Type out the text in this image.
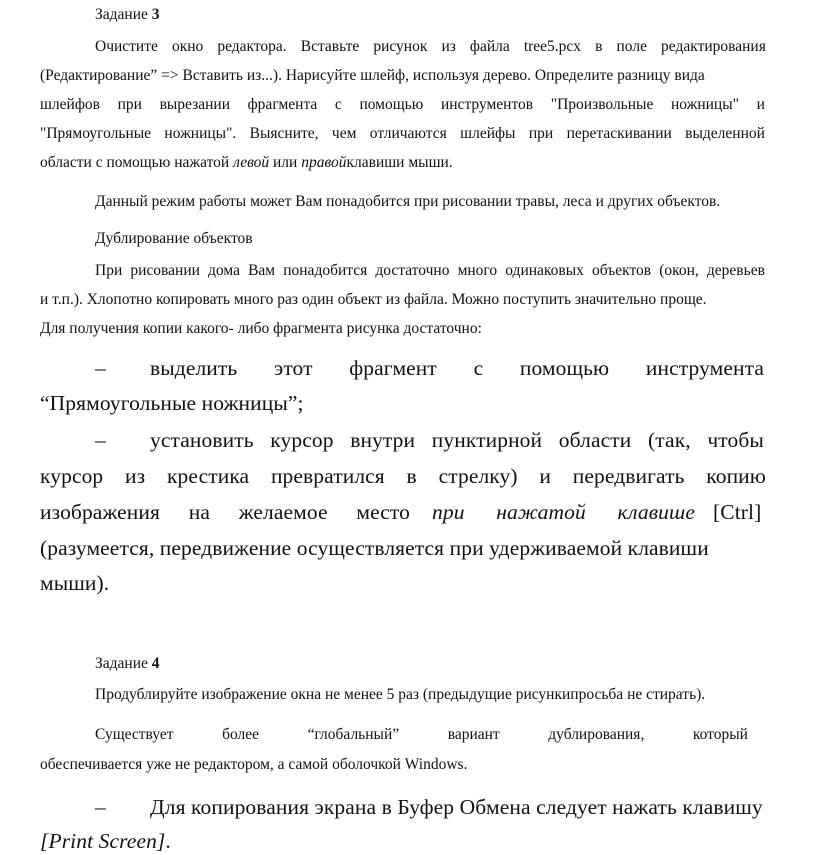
Задание 3

Очистите окно редактора. Вставьте рисунок из файла tree5.pcx в поле редактирования

(Редактирование” => Вставить из...). Нарисуйте шлейф, используя дерево. Определите разницу вида

шлейфов при вырезании фрагмента с помощью инструментов "Произвольные ножницы" и

"Прямоугольные ножницы". Выясните, чем отличаются шлейфы при перетаскивании выделенной

области с помощью нажатой левой или правойклавиши мыши.

Данный режим работы может Вам понадобится при рисовании травы, леса и других объектов.

Дублирование объектов

При рисовании дома Вам понадобится достаточно много одинаковых объектов (окон, деревьев

и т.п.). Хлопотно копировать много раз один объект из файла. Можно поступить значительно проще.

Для получения копии какого- либо фрагмента рисунка достаточно:

– выделить этот фрагмент с помощью инструмента

“Прямоугольные ножницы”;

– установить курсор внутри пунктирной области (так, чтобы

курсор из крестика превратился в стрелку) и передвигать копию

изображения на желаемое место при нажатой клавише [Ctrl]

(разумеется, передвижение осуществляется при удерживаемой клавиши

мыши).

Задание 4

Продублируйте изображение окна не менее 5 раз (предыдущие рисункипросьба не стирать).

Существует	более	“глобальный”	вариант	дублирования,	который

обеспечивается уже не редактором, а самой оболочкой Windows.

– Для копирования экрана в Буфер Обмена следует нажать клавишу

[Print Screen].
